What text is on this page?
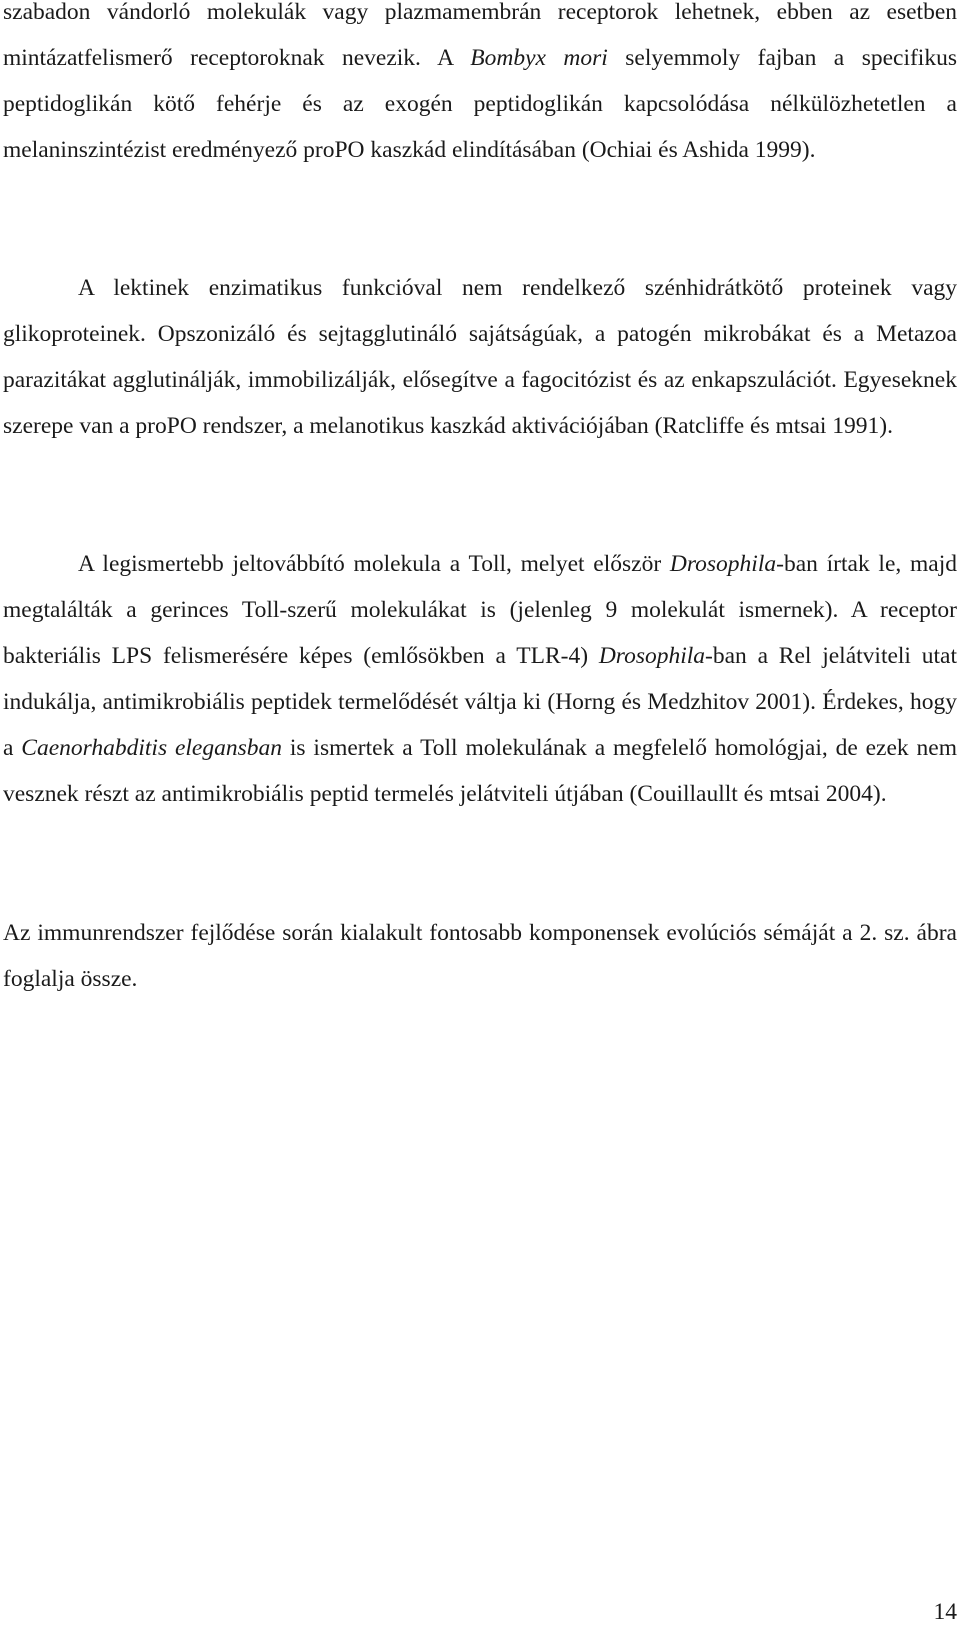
szabadon vándorló molekulák vagy plazmamembrán receptorok lehetnek, ebben az esetben mintázatfelismerő receptoroknak nevezik. A Bombyx mori selyemmoly fajban a specifikus peptidoglikán kötő fehérje és az exogén peptidoglikán kapcsolódása nélkülözhetetlen a melaninszintézist eredményező proPO kaszkád elindításában (Ochiai és Ashida 1999).

A lektinek enzimatikus funkcióval nem rendelkező szénhidrátkötő proteinek vagy glikoproteinek. Opszonizáló és sejtagglutináló sajátságúak, a patogén mikrobákat és a Metazoa parazitákat agglutinálják, immobilizálják, elősegítve a fagocitózist és az enkapszulációt. Egyeseknek szerepe van a proPO rendszer, a melanotikus kaszkád aktivációjában (Ratcliffe és mtsai 1991).

A legismertebb jeltovábbító molekula a Toll, melyet először Drosophila-ban írtak le, majd megtalálták a gerinces Toll-szerű molekulákat is (jelenleg 9 molekulát ismernek). A receptor bakteriális LPS felismerésére képes (emlősökben a TLR-4) Drosophila-ban a Rel jelátviteli utat indukálja, antimikrobiális peptidek termelődését váltja ki (Horng és Medzhitov 2001). Érdekes, hogy a Caenorhabditis elegansban is ismertek a Toll molekulának a megfelelő homológjai, de ezek nem vesznek részt az antimikrobiális peptid termelés jelátviteli útjában (Couillaullt és mtsai 2004).

Az immunrendszer fejlődése során kialakult fontosabb komponensek evolúciós sémáját a 2. sz. ábra foglalja össze.

14
